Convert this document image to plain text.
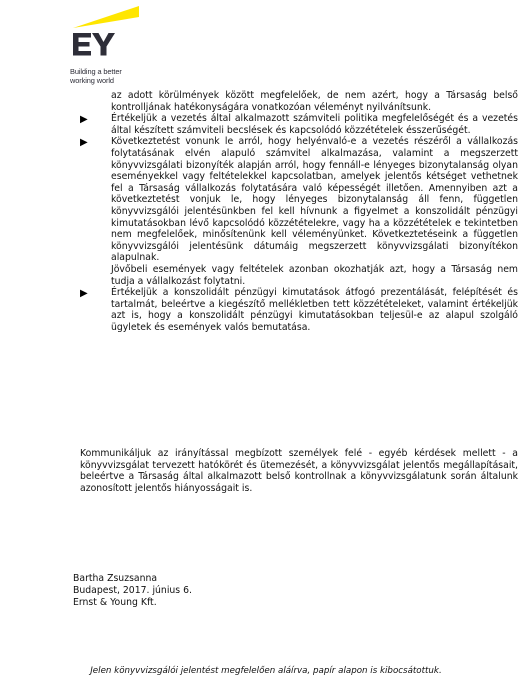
Building a better
working world

az adott körülmények között megfelelőek, de nem azért, hogy a Társaság belső kontrolljának hatékonyságára vonatkozóan véleményt nyilvánítsunk.

▶	Értékeljük a vezetés által alkalmazott számviteli politika megfelelőségét és a vezetés által készített számviteli becslések és kapcsolódó közzétételek ésszerűségét.

▶	Következtetést vonunk le arról, hogy helyénvaló-e a vezetés részéről a vállalkozás folytatásának elvén alapuló számvitel alkalmazása, valamint a megszerzett könyvvizsgálati bizonyíték alapján arról, hogy fennáll-e lényeges bizonytalanság olyan eseményekkel vagy feltételekkel kapcsolatban, amelyek jelentős kétséget vethetnek fel a Társaság vállalkozás folytatására való képességét illetően. Amennyiben azt a következtetést vonjuk le, hogy lényeges bizonytalanság áll fenn, független könyvvizsgálói jelentésünkben fel kell hívnunk a figyelmet a konszolidált pénzügyi kimutatásokban lévő kapcsolódó közzétételekre, vagy ha a közzétételek e tekintetben nem megfelelőek, minősítenünk kell véleményünket. Következtetéseink a független könyvvizsgálói jelentésünk dátumáig megszerzett könyvvizsgálati bizonyítékon alapulnak.

Jövőbeli események vagy feltételek azonban okozhatják azt, hogy a Társaság nem tudja a vállalkozást folytatni.

▶	Értékeljük a konszolidált pénzügyi kimutatások átfogó prezentálását, felépítését és tartalmát, beleértve a kiegészítő mellékletben tett közzétételeket, valamint értékeljük azt is, hogy a konszolidált pénzügyi kimutatásokban teljesül-e az alapul szolgáló ügyletek és események valós bemutatása.

Kommunikáljuk az irányítással megbízott személyek felé - egyéb kérdések mellett - a könyvvizsgálat tervezett hatókörét és ütemezését, a könyvvizsgálat jelentős megállapításait, beleértve a Társaság által alkalmazott belső kontrollnak a könyvvizsgálatunk során általunk azonosított jelentős hiányosságait is.

Bartha Zsuzsanna
Budapest, 2017. június 6.
Ernst & Young Kft.
Jelen könyvvizsgálói jelentést megfelelően aláírva, papír alapon is kibocsátottuk.
